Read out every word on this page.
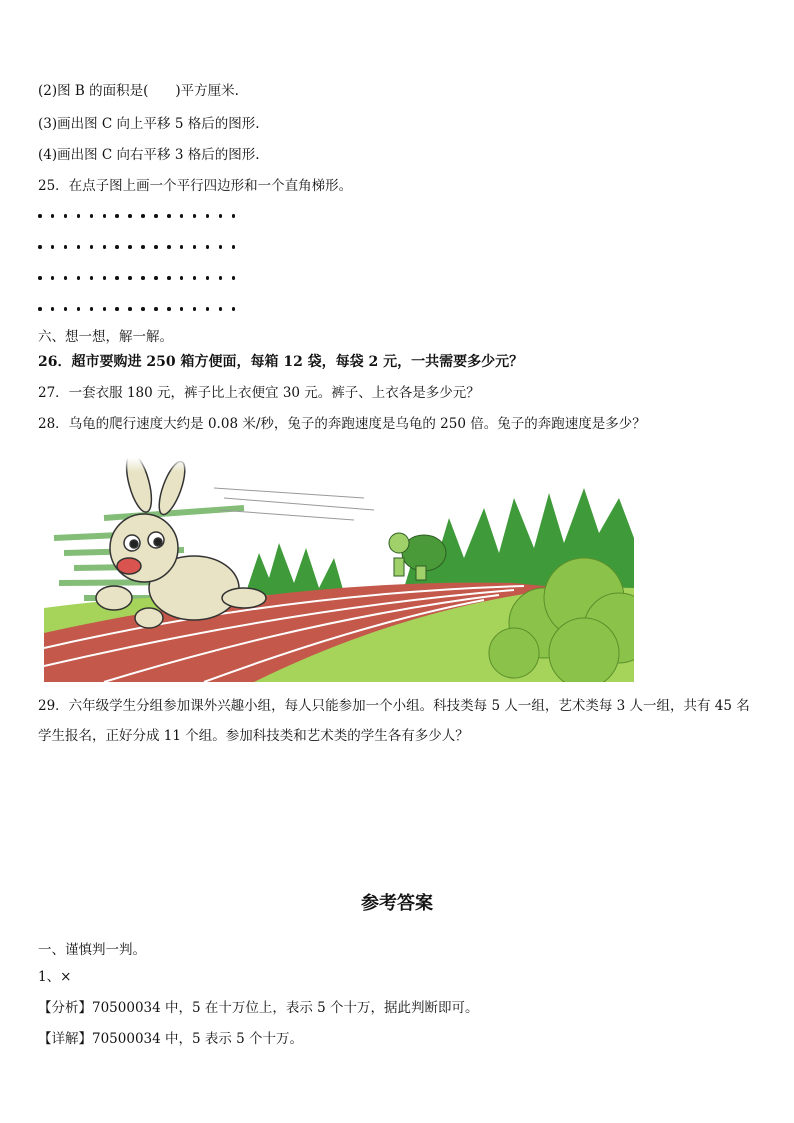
(2)图 B 的面积是(　　)平方厘米.
(3)画出图 C 向上平移 5 格后的图形.
(4)画出图 C 向右平移 3 格后的图形.
25．在点子图上画一个平行四边形和一个直角梯形。
六、想一想，解一解。
26．超市要购进 250 箱方便面，每箱 12 袋，每袋 2 元，一共需要多少元？
27．一套衣服 180 元，裤子比上衣便宜 30 元。裤子、上衣各是多少元？
28．乌龟的爬行速度大约是 0.08 米/秒，兔子的奔跑速度是乌龟的 250 倍。兔子的奔跑速度是多少？
29．六年级学生分组参加课外兴趣小组，每人只能参加一个小组。科技类每 5 人一组，艺术类每 3 人一组，共有 45 名
学生报名，正好分成 11 个组。参加科技类和艺术类的学生各有多少人？
参考答案
一、谨慎判一判。
1、×
【分析】70500034 中，5 在十万位上，表示 5 个十万，据此判断即可。
【详解】70500034 中，5 表示 5 个十万。
